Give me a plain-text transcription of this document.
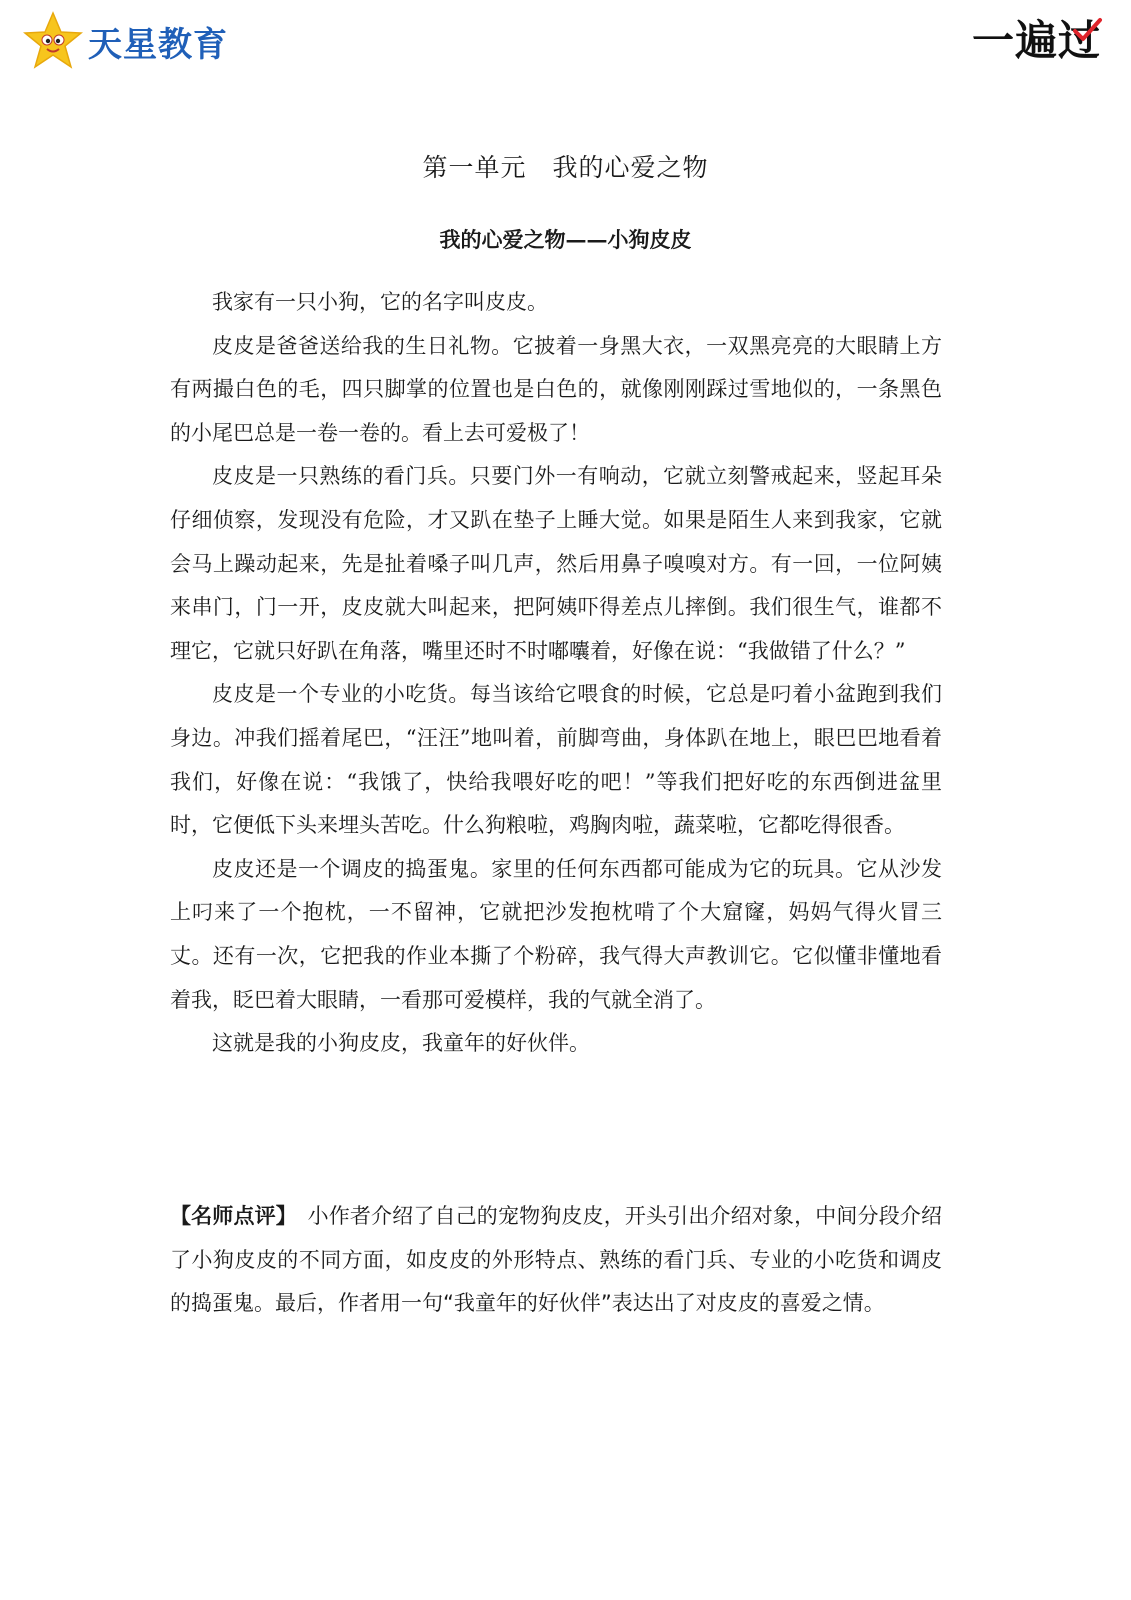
天星教育	一遍过
第一单元　我的心爱之物
我的心爱之物——小狗皮皮

我家有一只小狗，它的名字叫皮皮。

皮皮是爸爸送给我的生日礼物。它披着一身黑大衣，一双黑亮亮的大眼睛上方有两撮白色的毛，四只脚掌的位置也是白色的，就像刚刚踩过雪地似的，一条黑色的小尾巴总是一卷一卷的。看上去可爱极了！

皮皮是一只熟练的看门兵。只要门外一有响动，它就立刻警戒起来，竖起耳朵仔细侦察，发现没有危险，才又趴在垫子上睡大觉。如果是陌生人来到我家，它就会马上躁动起来，先是扯着嗓子叫几声，然后用鼻子嗅嗅对方。有一回，一位阿姨来串门，门一开，皮皮就大叫起来，把阿姨吓得差点儿摔倒。我们很生气，谁都不理它，它就只好趴在角落，嘴里还时不时嘟囔着，好像在说：“我做错了什么？”

皮皮是一个专业的小吃货。每当该给它喂食的时候，它总是叼着小盆跑到我们身边。冲我们摇着尾巴，“汪汪”地叫着，前脚弯曲，身体趴在地上，眼巴巴地看着我们，好像在说：“我饿了，快给我喂好吃的吧！”等我们把好吃的东西倒进盆里时，它便低下头来埋头苦吃。什么狗粮啦，鸡胸肉啦，蔬菜啦，它都吃得很香。

皮皮还是一个调皮的捣蛋鬼。家里的任何东西都可能成为它的玩具。它从沙发上叼来了一个抱枕，一不留神，它就把沙发抱枕啃了个大窟窿，妈妈气得火冒三丈。还有一次，它把我的作业本撕了个粉碎，我气得大声教训它。它似懂非懂地看着我，眨巴着大眼睛，一看那可爱模样，我的气就全消了。

这就是我的小狗皮皮，我童年的好伙伴。

【名师点评】　小作者介绍了自己的宠物狗皮皮，开头引出介绍对象，中间分段介绍了小狗皮皮的不同方面，如皮皮的外形特点、熟练的看门兵、专业的小吃货和调皮的捣蛋鬼。最后，作者用一句“我童年的好伙伴”表达出了对皮皮的喜爱之情。
